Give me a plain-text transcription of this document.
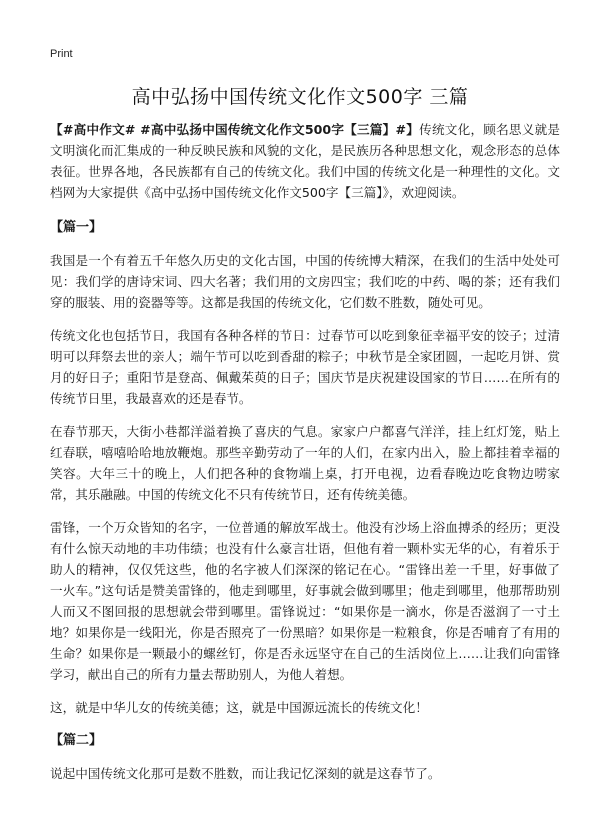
Print
高中弘扬中国传统文化作文500字 三篇

【#高中作文# #高中弘扬中国传统文化作文500字【三篇】#】传统文化，顾名思义就是文明演化而汇集成的一种反映民族和风貌的文化，是民族历各种思想文化，观念形态的总体表征。世界各地，各民族都有自己的传统文化。我们中国的传统文化是一种理性的文化。文档网为大家提供《高中弘扬中国传统文化作文500字【三篇】》，欢迎阅读。

【篇一】

我国是一个有着五千年悠久历史的文化古国，中国的传统博大精深，在我们的生活中处处可见：我们学的唐诗宋词、四大名著；我们用的文房四宝；我们吃的中药、喝的茶；还有我们穿的服装、用的瓷器等等。这都是我国的传统文化，它们数不胜数，随处可见。

传统文化也包括节日，我国有各种各样的节日：过春节可以吃到象征幸福平安的饺子；过清明可以拜祭去世的亲人；端午节可以吃到香甜的粽子；中秋节是全家团圆，一起吃月饼、赏月的好日子；重阳节是登高、佩戴茱萸的日子；国庆节是庆祝建设国家的节日……在所有的传统节日里，我最喜欢的还是春节。

在春节那天，大街小巷都洋溢着换了喜庆的气息。家家户户都喜气洋洋，挂上红灯笼，贴上红春联，嘻嘻哈哈地放鞭炮。那些辛勤劳动了一年的人们，在家内出入，脸上都挂着幸福的笑容。大年三十的晚上，人们把各种的食物端上桌，打开电视，边看春晚边吃食物边唠家常，其乐融融。中国的传统文化不只有传统节日，还有传统美德。

雷锋，一个万众皆知的名字，一位普通的解放军战士。他没有沙场上浴血搏杀的经历；更没有什么惊天动地的丰功伟绩；也没有什么豪言壮语，但他有着一颗朴实无华的心，有着乐于助人的精神，仅仅凭这些，他的名字被人们深深的铭记在心。“雷锋出差一千里，好事做了一火车。”这句话是赞美雷锋的，他走到哪里，好事就会做到哪里；他走到哪里，他那帮助别人而又不图回报的思想就会带到哪里。雷锋说过：“如果你是一滴水，你是否滋润了一寸土地？如果你是一线阳光，你是否照亮了一份黑暗？如果你是一粒粮食，你是否哺育了有用的生命？如果你是一颗最小的螺丝钉，你是否永远坚守在自己的生活岗位上……让我们向雷锋学习，献出自己的所有力量去帮助别人，为他人着想。

这，就是中华儿女的传统美德；这，就是中国源远流长的传统文化！

【篇二】

说起中国传统文化那可是数不胜数，而让我记忆深刻的就是这春节了。
